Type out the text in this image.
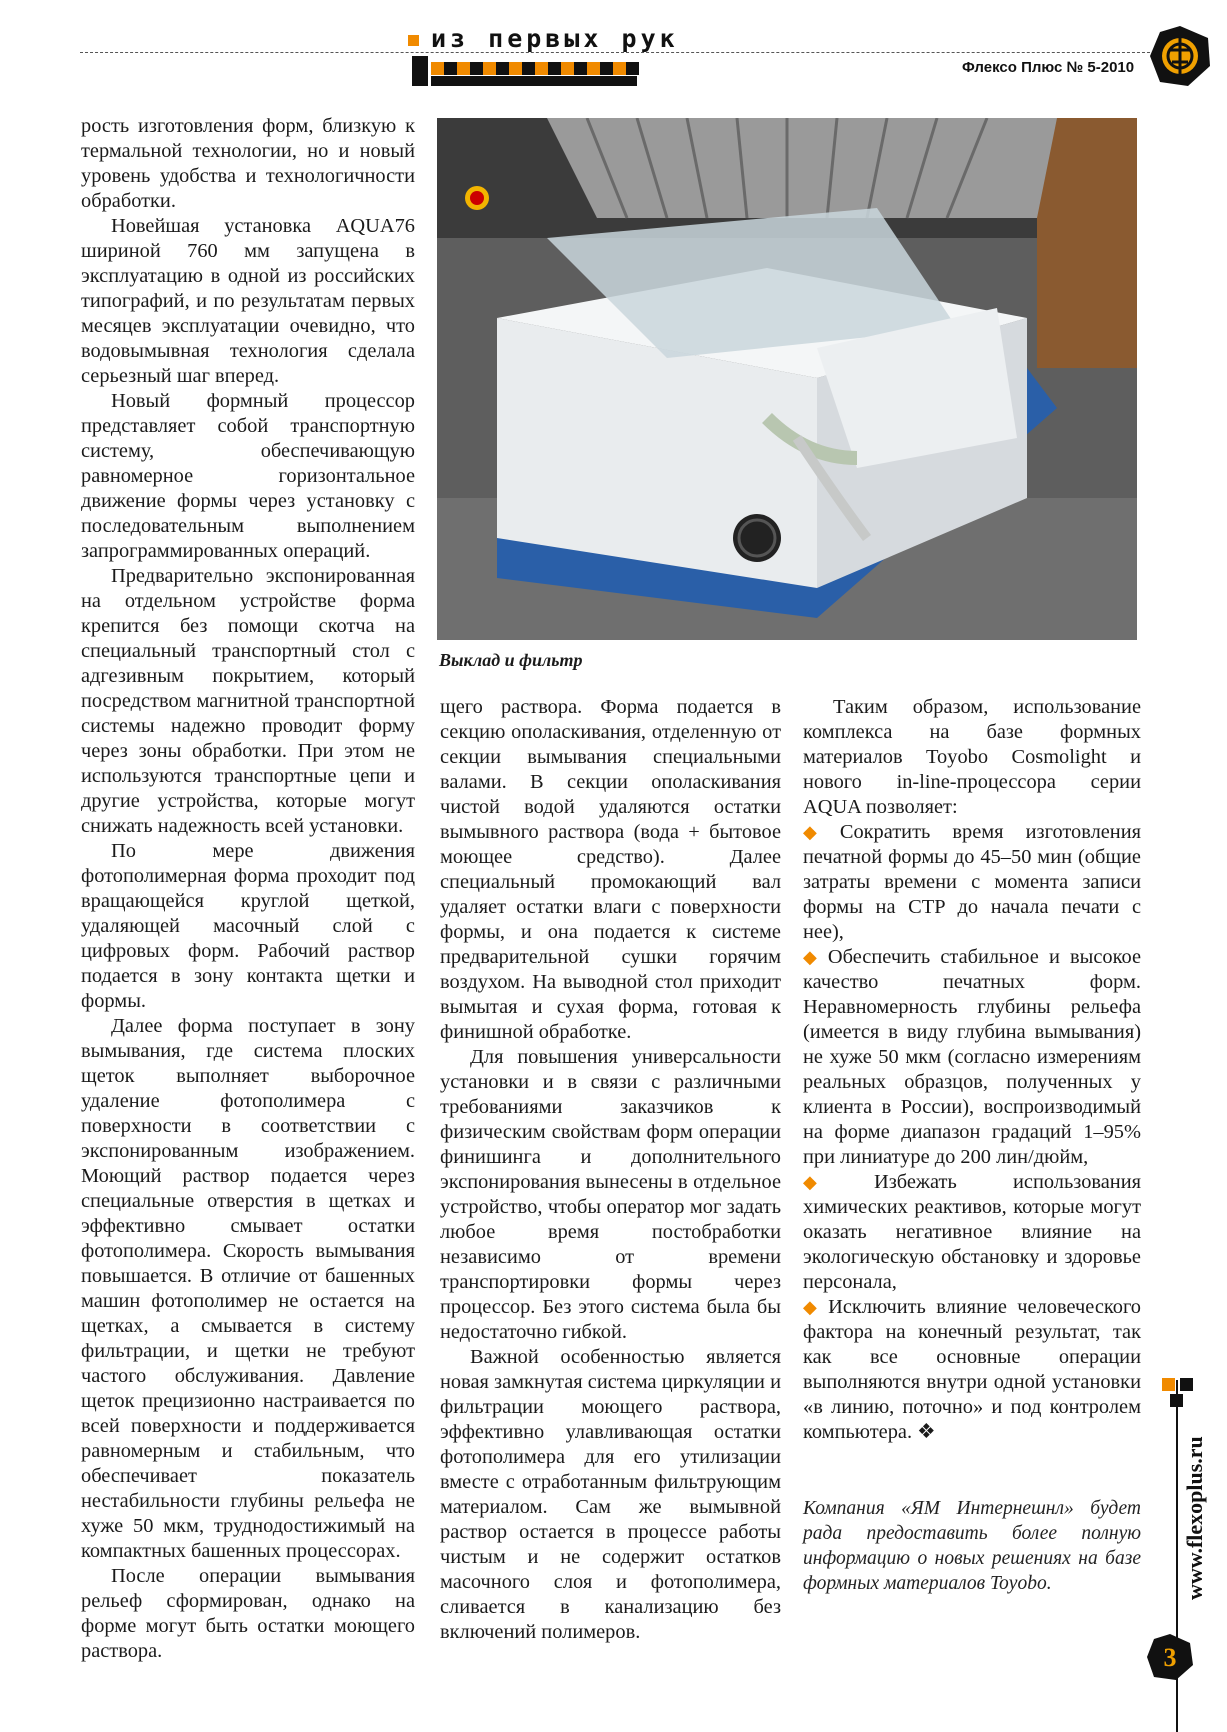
из первых рук
Флексо Плюс № 5-2010

рость изготовления форм, близкую к термальной технологии, но и новый уровень удобства и технологичности обработки.

Новейшая установка AQUA76 шириной 760 мм запущена в эксплуатацию в одной из российских типографий, и по результатам первых месяцев эксплуатации очевидно, что водовымывная технология сделала серьезный шаг вперед.

Новый формный процессор представляет собой транспортную систему, обеспечивающую равномерное горизонтальное движение формы через установку с последовательным выполнением запрограммированных операций.

Предварительно экспонированная на отдельном устройстве форма крепится без помощи скотча на специальный транспортный стол с адгезивным покрытием, который посредством магнитной транспортной системы надежно проводит форму через зоны обработки. При этом не используются транспортные цепи и другие устройства, которые могут снижать надежность всей установки.

По мере движения фотополимерная форма проходит под вращающейся круглой щеткой, удаляющей масочный слой с цифровых форм. Рабочий раствор подается в зону контакта щетки и формы.

Далее форма поступает в зону вымывания, где система плоских щеток выполняет выборочное удаление фотополимера с поверхности в соответствии с экспонированным изображением. Моющий раствор подается через специальные отверстия в щетках и эффективно смывает остатки фотополимера. Скорость вымывания повышается. В отличие от башенных машин фотополимер не остается на щетках, а смывается в систему фильтрации, и щетки не требуют частого обслуживания. Давление щеток прецизионно настраивается по всей поверхности и поддерживается равномерным и стабильным, что обеспечивает показатель нестабильности глубины рельефа не хуже 50 мкм, труднодостижимый на компактных башенных процессорах.

После операции вымывания рельеф сформирован, однако на форме могут быть остатки моющего раствора.

Выклад и фильтр

щего раствора. Форма подается в секцию ополаскивания, отделенную от секции вымывания специальными валами. В секции ополаскивания чистой водой удаляются остатки вымывного раствора (вода + бытовое моющее средство). Далее специальный промокающий вал удаляет остатки влаги с поверхности формы, и она подается к системе предварительной сушки горячим воздухом. На выводной стол приходит вымытая и сухая форма, готовая к финишной обработке.

Для повышения универсальности установки и в связи с различными требованиями заказчиков к физическим свойствам форм операции финишинга и дополнительного экспонирования вынесены в отдельное устройство, чтобы оператор мог задать любое время постобработки независимо от времени транспортировки формы через процессор. Без этого система была бы недостаточно гибкой.

Важной особенностью является новая замкнутая система циркуляции и фильтрации моющего раствора, эффективно улавливающая остатки фотополимера для его утилизации вместе с отработанным фильтрующим материалом. Сам же вымывной раствор остается в процессе работы чистым и не содержит остатков масочного слоя и фотополимера, сливается в канализацию без включений полимеров.

Таким образом, использование комплекса на базе формных материалов Toyobo Cosmolight и нового in-line-процессора серии AQUA позволяет:

◆ Сократить время изготовления печатной формы до 45–50 мин (общие затраты времени с момента записи формы на CTP до начала печати с нее),

◆ Обеспечить стабильное и высокое качество печатных форм. Неравномерность глубины рельефа (имеется в виду глубина вымывания) не хуже 50 мкм (согласно измерениям реальных образцов, полученных у клиента в России), воспроизводимый на форме диапазон градаций 1–95% при линиатуре до 200 лин/дюйм,

◆ Избежать использования химических реактивов, которые могут оказать негативное влияние на экологическую обстановку и здоровье персонала,

◆ Исключить влияние человеческого фактора на конечный результат, так как все основные операции выполняются внутри одной установки «в линию, поточно» и под контролем компьютера. ❖

Компания «ЯМ Интернешнл» будет рада предоставить более полную информацию о новых решениях на базе формных материалов Toyobo.	www.flexoplus.ru
3
